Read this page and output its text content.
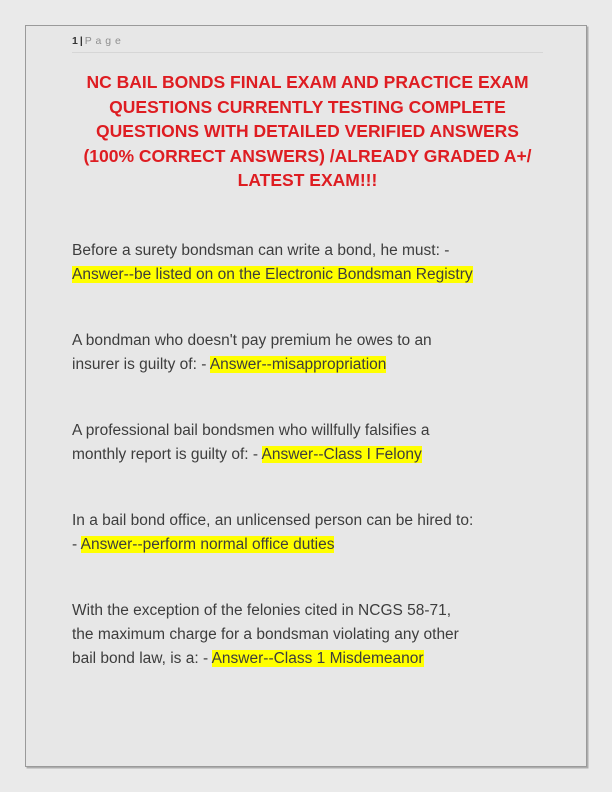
1 | P a g e
NC BAIL BONDS FINAL EXAM AND PRACTICE EXAM
QUESTIONS CURRENTLY TESTING COMPLETE
QUESTIONS WITH DETAILED VERIFIED ANSWERS
(100% CORRECT ANSWERS) /ALREADY GRADED A+/
LATEST EXAM!!!
Before a surety bondsman can write a bond, he must: -
Answer--be listed on on the Electronic Bondsman Registry
A bondman who doesn't pay premium he owes to an
insurer is guilty of: - Answer--misappropriation
A professional bail bondsmen who willfully falsifies a
monthly report is guilty of: - Answer--Class I Felony
In a bail bond office, an unlicensed person can be hired to:
- Answer--perform normal office duties
With the exception of the felonies cited in NCGS 58-71,
the maximum charge for a bondsman violating any other
bail bond law, is a: - Answer--Class 1 Misdemeanor
